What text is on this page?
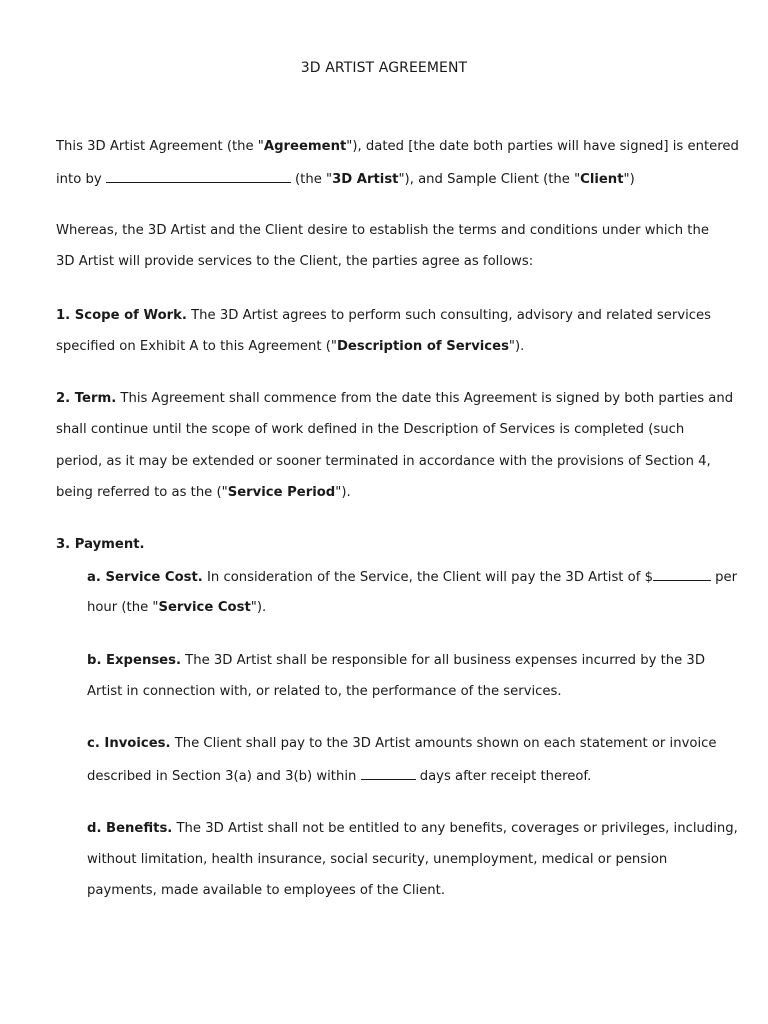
3D ARTIST AGREEMENT
This 3D Artist Agreement (the "Agreement"), dated [the date both parties will have signed] is entered
into by	(the "3D Artist"), and Sample Client (the "Client")
Whereas, the 3D Artist and the Client desire to establish the terms and conditions under which the
3D Artist will provide services to the Client, the parties agree as follows:
1. Scope of Work. The 3D Artist agrees to perform such consulting, advisory and related services
specified on Exhibit A to this Agreement ("Description of Services").
2. Term. This Agreement shall commence from the date this Agreement is signed by both parties and
shall continue until the scope of work defined in the Description of Services is completed (such
period, as it may be extended or sooner terminated in accordance with the provisions of Section 4,
being referred to as the ("Service Period").
3. Payment.
a. Service Cost. In consideration of the Service, the Client will pay the 3D Artist of $	per
hour (the "Service Cost").
b. Expenses. The 3D Artist shall be responsible for all business expenses incurred by the 3D
Artist in connection with, or related to, the performance of the services.
c. Invoices. The Client shall pay to the 3D Artist amounts shown on each statement or invoice
described in Section 3(a) and 3(b) within	days after receipt thereof.
d. Benefits. The 3D Artist shall not be entitled to any benefits, coverages or privileges, including,
without limitation, health insurance, social security, unemployment, medical or pension
payments, made available to employees of the Client.
